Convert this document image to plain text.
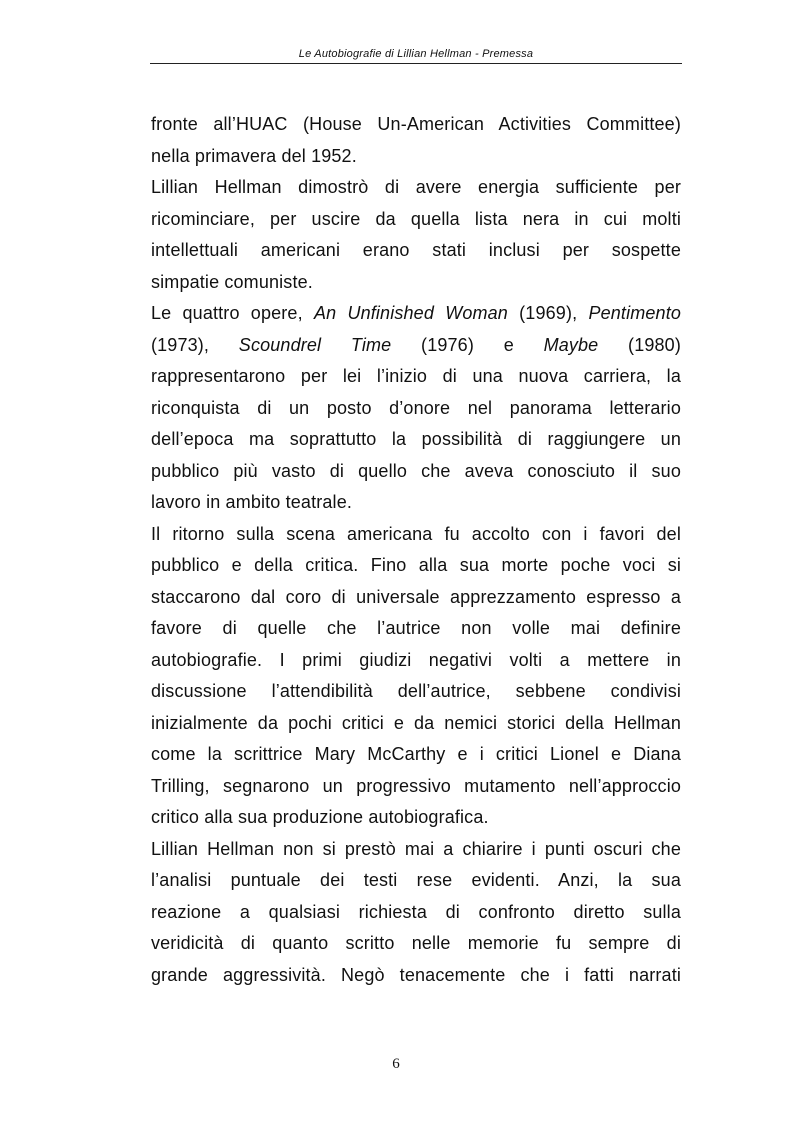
Le Autobiografie di Lillian Hellman - Premessa
fronte all’HUAC (House Un-American Activities Committee)
nella primavera del 1952.
Lillian Hellman dimostrò di avere energia sufficiente per
ricominciare, per uscire da quella lista nera in cui molti
intellettuali americani erano stati inclusi per sospette
simpatie comuniste.
Le quattro opere, An Unfinished Woman (1969), Pentimento
(1973), Scoundrel Time (1976) e Maybe (1980)
rappresentarono per lei l’inizio di una nuova carriera, la
riconquista di un posto d’onore nel panorama letterario
dell’epoca ma soprattutto la possibilità di raggiungere un
pubblico più vasto di quello che aveva conosciuto il suo
lavoro in ambito teatrale.
Il ritorno sulla scena americana fu accolto con i favori del
pubblico e della critica. Fino alla sua morte poche voci si
staccarono dal coro di universale apprezzamento espresso a
favore di quelle che l’autrice non volle mai definire
autobiografie. I primi giudizi negativi volti a mettere in
discussione l’attendibilità dell’autrice, sebbene condivisi
inizialmente da pochi critici e da nemici storici della Hellman
come la scrittrice Mary McCarthy e i critici Lionel e Diana
Trilling, segnarono un progressivo mutamento nell’approccio
critico alla sua produzione autobiografica.
Lillian Hellman non si prestò mai a chiarire i punti oscuri che
l’analisi puntuale dei testi rese evidenti. Anzi, la sua
reazione a qualsiasi richiesta di confronto diretto sulla
veridicità di quanto scritto nelle memorie fu sempre di
grande aggressività. Negò tenacemente che i fatti narrati
6
